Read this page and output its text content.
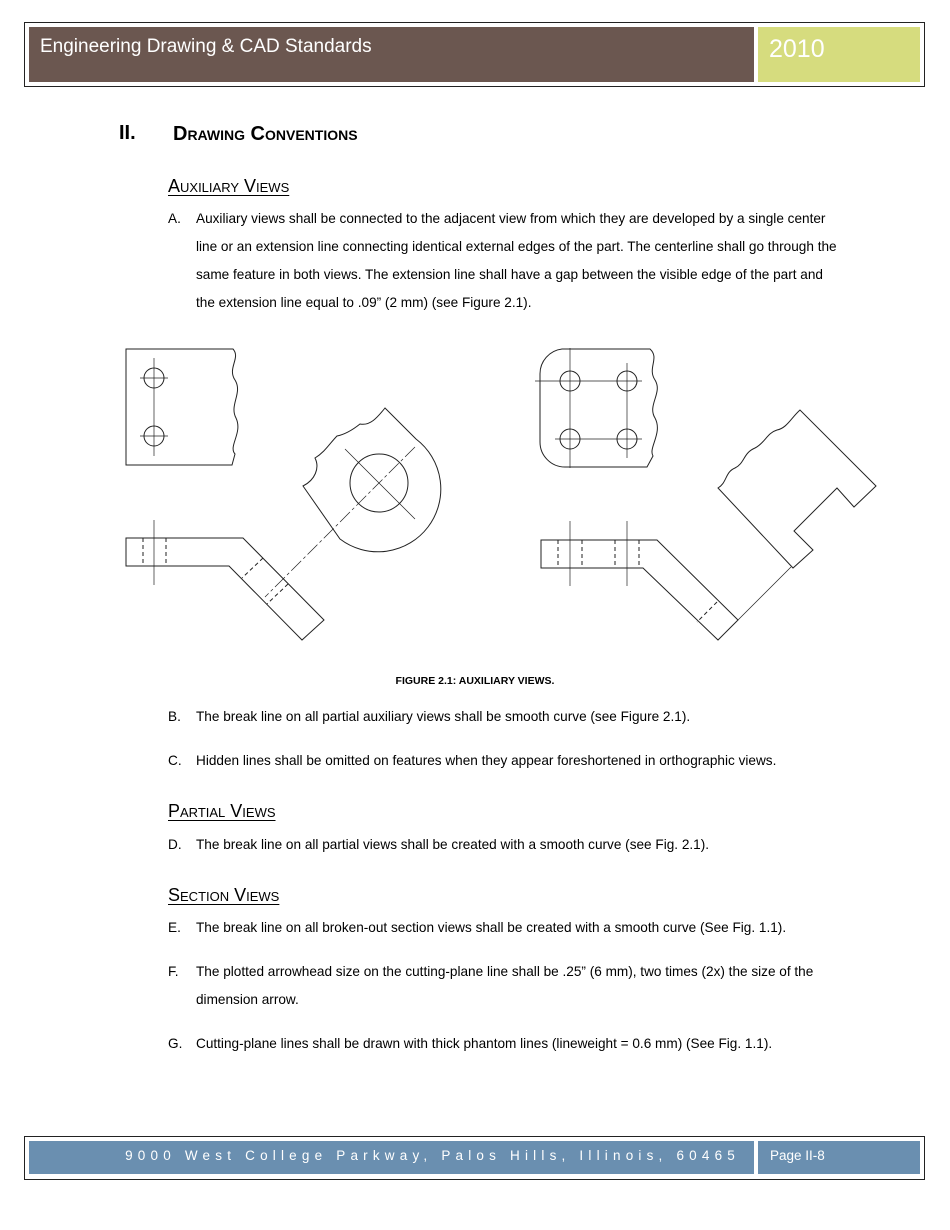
Engineering Drawing & CAD Standards	2010
II. Drawing Conventions
Auxiliary Views
A. Auxiliary views shall be connected to the adjacent view from which they are developed by a single center line or an extension line connecting identical external edges of the part. The centerline shall go through the same feature in both views. The extension line shall have a gap between the visible edge of the part and the extension line equal to .09” (2 mm) (see Figure 2.1).
FIGURE 2.1: AUXILIARY VIEWS.
B. The break line on all partial auxiliary views shall be smooth curve (see Figure 2.1).
C. Hidden lines shall be omitted on features when they appear foreshortened in orthographic views.
Partial Views
D. The break line on all partial views shall be created with a smooth curve (see Fig. 2.1).
Section Views
E. The break line on all broken-out section views shall be created with a smooth curve (See Fig. 1.1).
F. The plotted arrowhead size on the cutting-plane line shall be .25” (6 mm), two times (2x) the size of the dimension arrow.
G. Cutting-plane lines shall be drawn with thick phantom lines (lineweight = 0.6 mm) (See Fig. 1.1).
9000 West College Parkway, Palos Hills, Illinois, 60465	Page II-8
